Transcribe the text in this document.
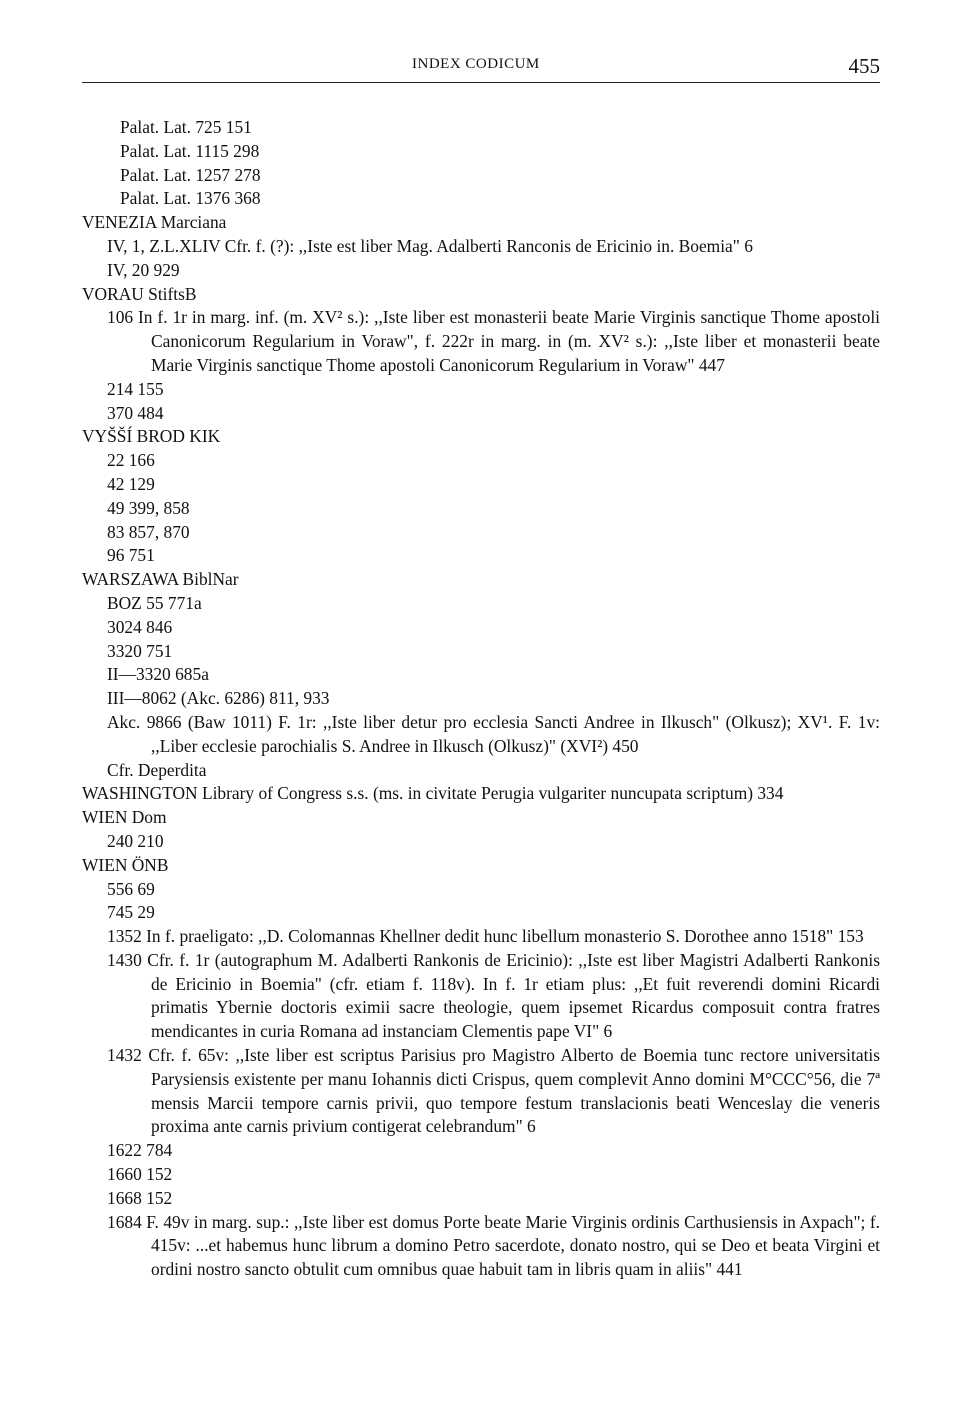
INDEX CODICUM	455

Palat. Lat. 725 151

Palat. Lat. 1115 298

Palat. Lat. 1257 278

Palat. Lat. 1376 368

VENEZIA Marciana

IV, 1, Z.L.XLIV Cfr. f. (?): ,,Iste est liber Mag. Adalberti Ranconis de Ericinio in. Boemia" 6

IV, 20 929

VORAU StiftsB

106 In f. 1r in marg. inf. (m. XV² s.): ,,Iste liber est monasterii beate Marie Virginis sanctique Thome apostoli Canonicorum Regularium in Voraw", f. 222r in marg. in (m. XV² s.): ,,Iste liber et monasterii beate Marie Virginis sanctique Thome apostoli Canonicorum Regularium in Voraw" 447

214 155

370 484

VYŠŠÍ BROD KIK

22 166

42 129

49 399, 858

83 857, 870

96 751

WARSZAWA BiblNar

BOZ 55 771a

3024 846

3320 751

II—3320 685a

III—8062 (Akc. 6286) 811, 933

Akc. 9866 (Baw 1011) F. 1r: ,,Iste liber detur pro ecclesia Sancti Andree in Ilkusch" (Olkusz); XV¹. F. 1v: ,,Liber ecclesie parochialis S. Andree in Ilkusch (Olkusz)" (XVI²) 450

Cfr. Deperdita

WASHINGTON Library of Congress s.s. (ms. in civitate Perugia vulgariter nuncupata scriptum) 334

WIEN Dom

240 210

WIEN ÖNB

556 69

745 29

1352 In f. praeligato: ,,D. Colomannas Khellner dedit hunc libellum monasterio S. Dorothee anno 1518" 153

1430 Cfr. f. 1r (autographum M. Adalberti Rankonis de Ericinio): ,,Iste est liber Magistri Adalberti Rankonis de Ericinio in Boemia" (cfr. etiam f. 118v). In f. 1r etiam plus: ,,Et fuit reverendi domini Ricardi primatis Ybernie doctoris eximii sacre theologie, quem ipsemet Ricardus composuit contra fratres mendicantes in curia Romana ad instanciam Clementis pape VI" 6

1432 Cfr. f. 65v: ,,Iste liber est scriptus Parisius pro Magistro Alberto de Boemia tunc rectore universitatis Parysiensis existente per manu Iohannis dicti Crispus, quem complevit Anno domini M°CCC°56, die 7ª mensis Marcii tempore carnis privii, quo tempore festum translacionis beati Wenceslay die veneris proxima ante carnis privium contigerat celebrandum" 6

1622 784

1660 152

1668 152

1684 F. 49v in marg. sup.: ,,Iste liber est domus Porte beate Marie Virginis ordinis Carthusiensis in Axpach"; f. 415v: ...et habemus hunc librum a domino Petro sacerdote, donato nostro, qui se Deo et beata Virgini et ordini nostro sancto obtulit cum omnibus quae habuit tam in libris quam in aliis" 441
